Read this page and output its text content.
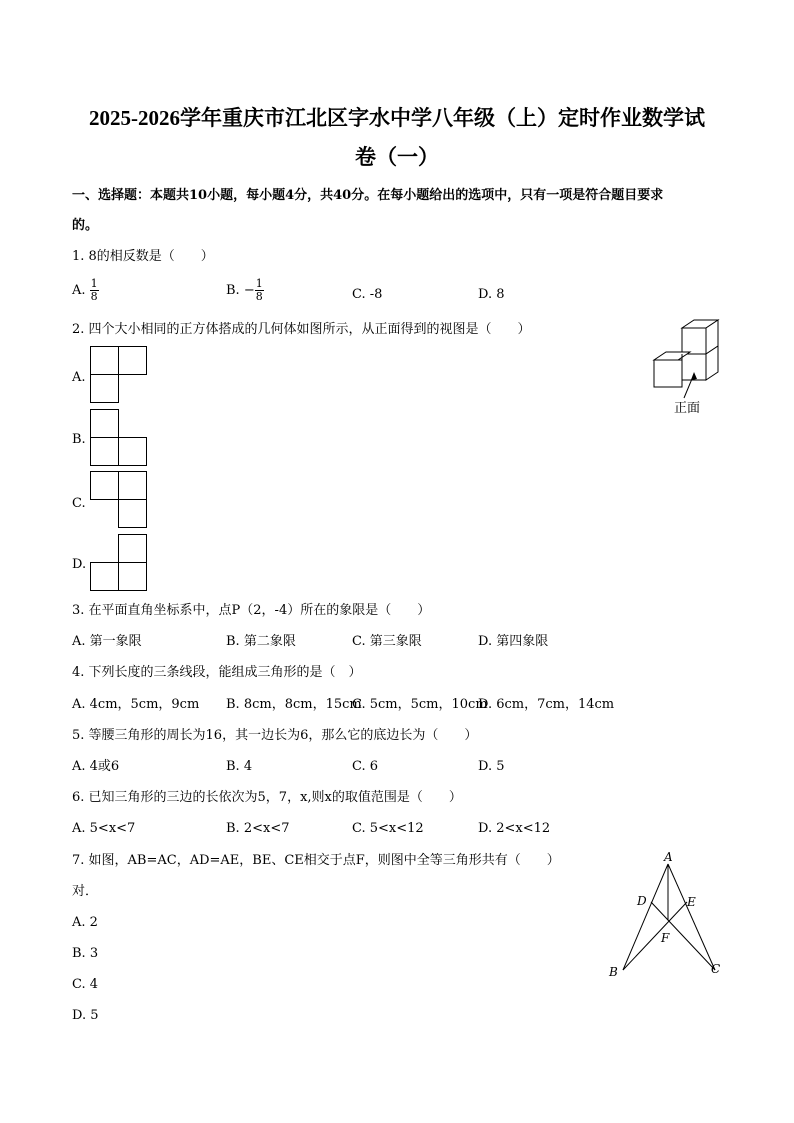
2025-2026学年重庆市江北区字水中学八年级（上）定时作业数学试
卷（一）
一、选择题：本题共10小题，每小题4分，共40分。在每小题给出的选项中，只有一项是符合题目要求
的。
1. 8的相反数是（　　）
A. $\frac{1}{8}$	B. − $\frac{1}{8}$	C. -8	D. 8
2. 四个大小相同的正方体搭成的几何体如图所示，从正面得到的视图是（　　）
正面
A.
B.
C.
D.
3. 在平面直角坐标系中，点P（2，-4）所在的象限是（　　）
A. 第一象限	B. 第二象限	C. 第三象限	D. 第四象限
4. 下列长度的三条线段，能组成三角形的是（　）
A. 4cm，5cm，9cm B. 8cm，8cm，15cm
C. 5cm，5cm，10cm
D. 6cm，7cm，14cm
5. 等腰三角形的周长为16，其一边长为6，那么它的底边长为（　　）
A. 4或6	B. 4	C. 6	D. 5
6. 已知三角形的三边的长依次为5，7，x,则x的取值范围是（　　）
A. 5<x<7	B. 2<x<7	C. 5<x<12	D. 2<x<12
7. 如图，AB=AC，AD=AE，BE、CE相交于点F，则图中全等三角形共有（　　）
对．
A. 2
B. 3
C. 4
D. 5
A
D	E
F
B	C
